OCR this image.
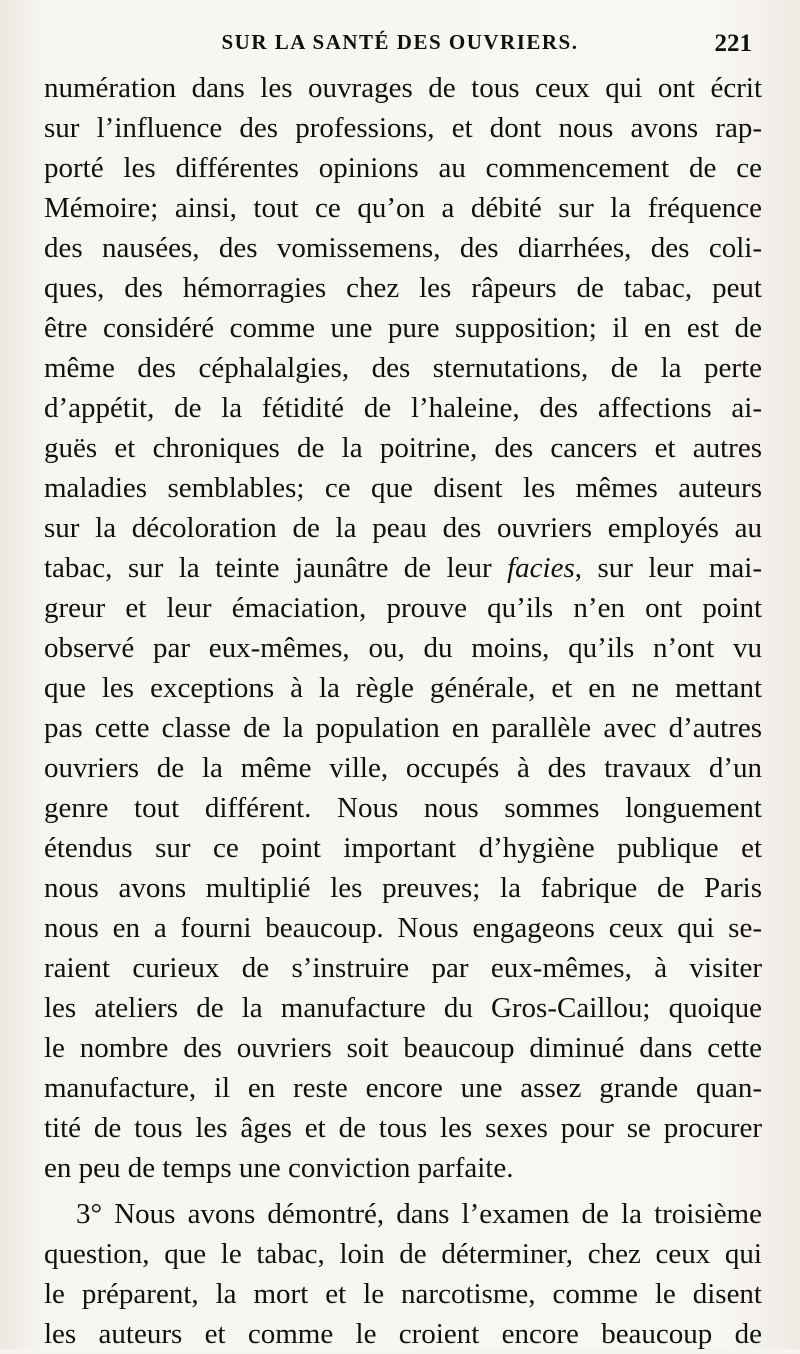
SUR LA SANTÉ DES OUVRIERS.	221
numération dans les ouvrages de tous ceux qui ont écrit
sur l’influence des professions, et dont nous avons rap-
porté les différentes opinions au commencement de ce
Mémoire; ainsi, tout ce qu’on a débité sur la fréquence
des nausées, des vomissemens, des diarrhées, des coli-
ques, des hémorragies chez les râpeurs de tabac, peut
être considéré comme une pure supposition; il en est de
même des céphalalgies, des sternutations, de la perte
d’appétit, de la fétidité de l’haleine, des affections ai-
guës et chroniques de la poitrine, des cancers et autres
maladies semblables; ce que disent les mêmes auteurs
sur la décoloration de la peau des ouvriers employés au
tabac, sur la teinte jaunâtre de leur facies, sur leur mai-
greur et leur émaciation, prouve qu’ils n’en ont point
observé par eux-mêmes, ou, du moins, qu’ils n’ont vu
que les exceptions à la règle générale, et en ne mettant
pas cette classe de la population en parallèle avec d’autres
ouvriers de la même ville, occupés à des travaux d’un
genre tout différent. Nous nous sommes longuement
étendus sur ce point important d’hygiène publique et
nous avons multiplié les preuves; la fabrique de Paris
nous en a fourni beaucoup. Nous engageons ceux qui se-
raient curieux de s’instruire par eux-mêmes, à visiter
les ateliers de la manufacture du Gros-Caillou; quoique
le nombre des ouvriers soit beaucoup diminué dans cette
manufacture, il en reste encore une assez grande quan-
tité de tous les âges et de tous les sexes pour se procurer
en peu de temps une conviction parfaite.
3° Nous avons démontré, dans l’examen de la troisième
question, que le tabac, loin de déterminer, chez ceux qui
le préparent, la mort et le narcotisme, comme le disent
les auteurs et comme le croient encore beaucoup de
